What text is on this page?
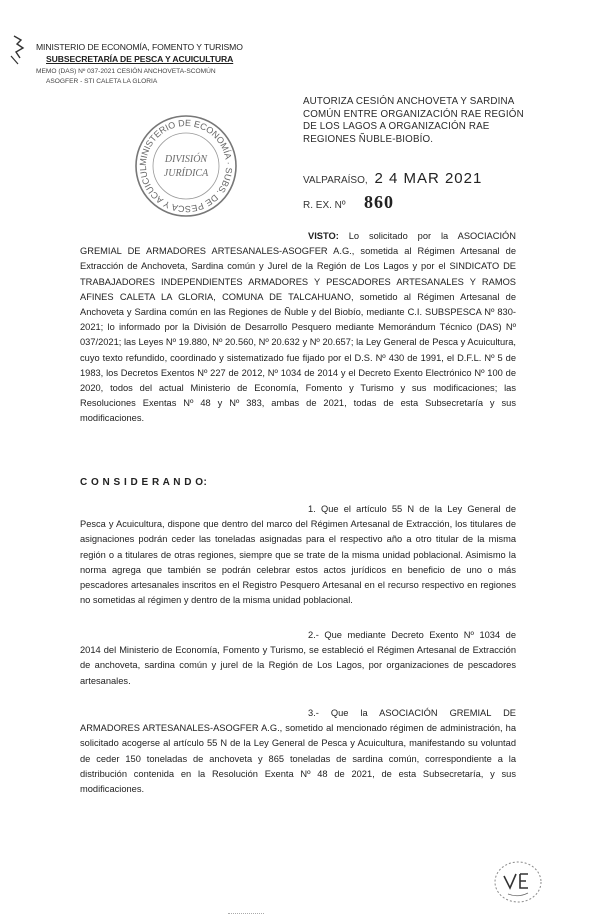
MINISTERIO DE ECONOMÍA, FOMENTO Y TURISMO
SUBSECRETARÍA DE PESCA Y ACUICULTURA
MEMO (DAS) Nº 037-2021 CESIÓN ANCHOVETA-SCOMÚN
ASOGFER - STI CALETA LA GLORIA
AUTORIZA CESIÓN ANCHOVETA Y SARDINA COMÚN ENTRE ORGANIZACIÓN RAE REGIÓN DE LOS LAGOS A ORGANIZACIÓN RAE REGIONES ÑUBLE-BIOBÍO.
MINISTERIO DE ECONOMÍA · SUBS. DE PESCA Y ACUICUL
DIVISIÓN
JURÍDICA
VALPARAÍSO, 2 4 MAR 2021
R. EX. Nº 860
VISTO: Lo solicitado por la ASOCIACIÓN GREMIAL DE ARMADORES ARTESANALES-ASOGFER A.G., sometida al Régimen Artesanal de Extracción de Anchoveta, Sardina común y Jurel de la Región de Los Lagos y por el SINDICATO DE TRABAJADORES INDEPENDIENTES ARMADORES Y PESCADORES ARTESANALES Y RAMOS AFINES CALETA LA GLORIA, COMUNA DE TALCAHUANO, sometido al Régimen Artesanal de Anchoveta y Sardina común en las Regiones de Ñuble y del Biobío, mediante C.I. SUBSPESCA Nº 830-2021; lo informado por la División de Desarrollo Pesquero mediante Memorándum Técnico (DAS) Nº 037/2021; las Leyes Nº 19.880, Nº 20.560, Nº 20.632 y Nº 20.657; la Ley General de Pesca y Acuicultura, cuyo texto refundido, coordinado y sistematizado fue fijado por el D.S. Nº 430 de 1991, el D.F.L. Nº 5 de 1983, los Decretos Exentos Nº 227 de 2012, Nº 1034 de 2014 y el Decreto Exento Electrónico Nº 100 de 2020, todos del actual Ministerio de Economía, Fomento y Turismo y sus modificaciones; las Resoluciones Exentas Nº 48 y Nº 383, ambas de 2021, todas de esta Subsecretaría y sus modificaciones.
C O N S I D E R A N D O:
1. Que el artículo 55 N de la Ley General de Pesca y Acuicultura, dispone que dentro del marco del Régimen Artesanal de Extracción, los titulares de asignaciones podrán ceder las toneladas asignadas para el respectivo año a otro titular de la misma región o a titulares de otras regiones, siempre que se trate de la misma unidad poblacional. Asimismo la norma agrega que también se podrán celebrar estos actos jurídicos en beneficio de uno o más pescadores artesanales inscritos en el Registro Pesquero Artesanal en el recurso respectivo en regiones no sometidas al régimen y dentro de la misma unidad poblacional.
2.- Que mediante Decreto Exento Nº 1034 de 2014 del Ministerio de Economía, Fomento y Turismo, se estableció el Régimen Artesanal de Extracción de anchoveta, sardina común y jurel de la Región de Los Lagos, por organizaciones de pescadores artesanales.
3.- Que la ASOCIACIÓN GREMIAL DE ARMADORES ARTESANALES-ASOGFER A.G., sometido al mencionado régimen de administración, ha solicitado acogerse al artículo 55 N de la Ley General de Pesca y Acuicultura, manifestando su voluntad de ceder 150 toneladas de anchoveta y 865 toneladas de sardina común, correspondiente a la distribución contenida en la Resolución Exenta Nº 48 de 2021, de esta Subsecretaría, y sus modificaciones.
